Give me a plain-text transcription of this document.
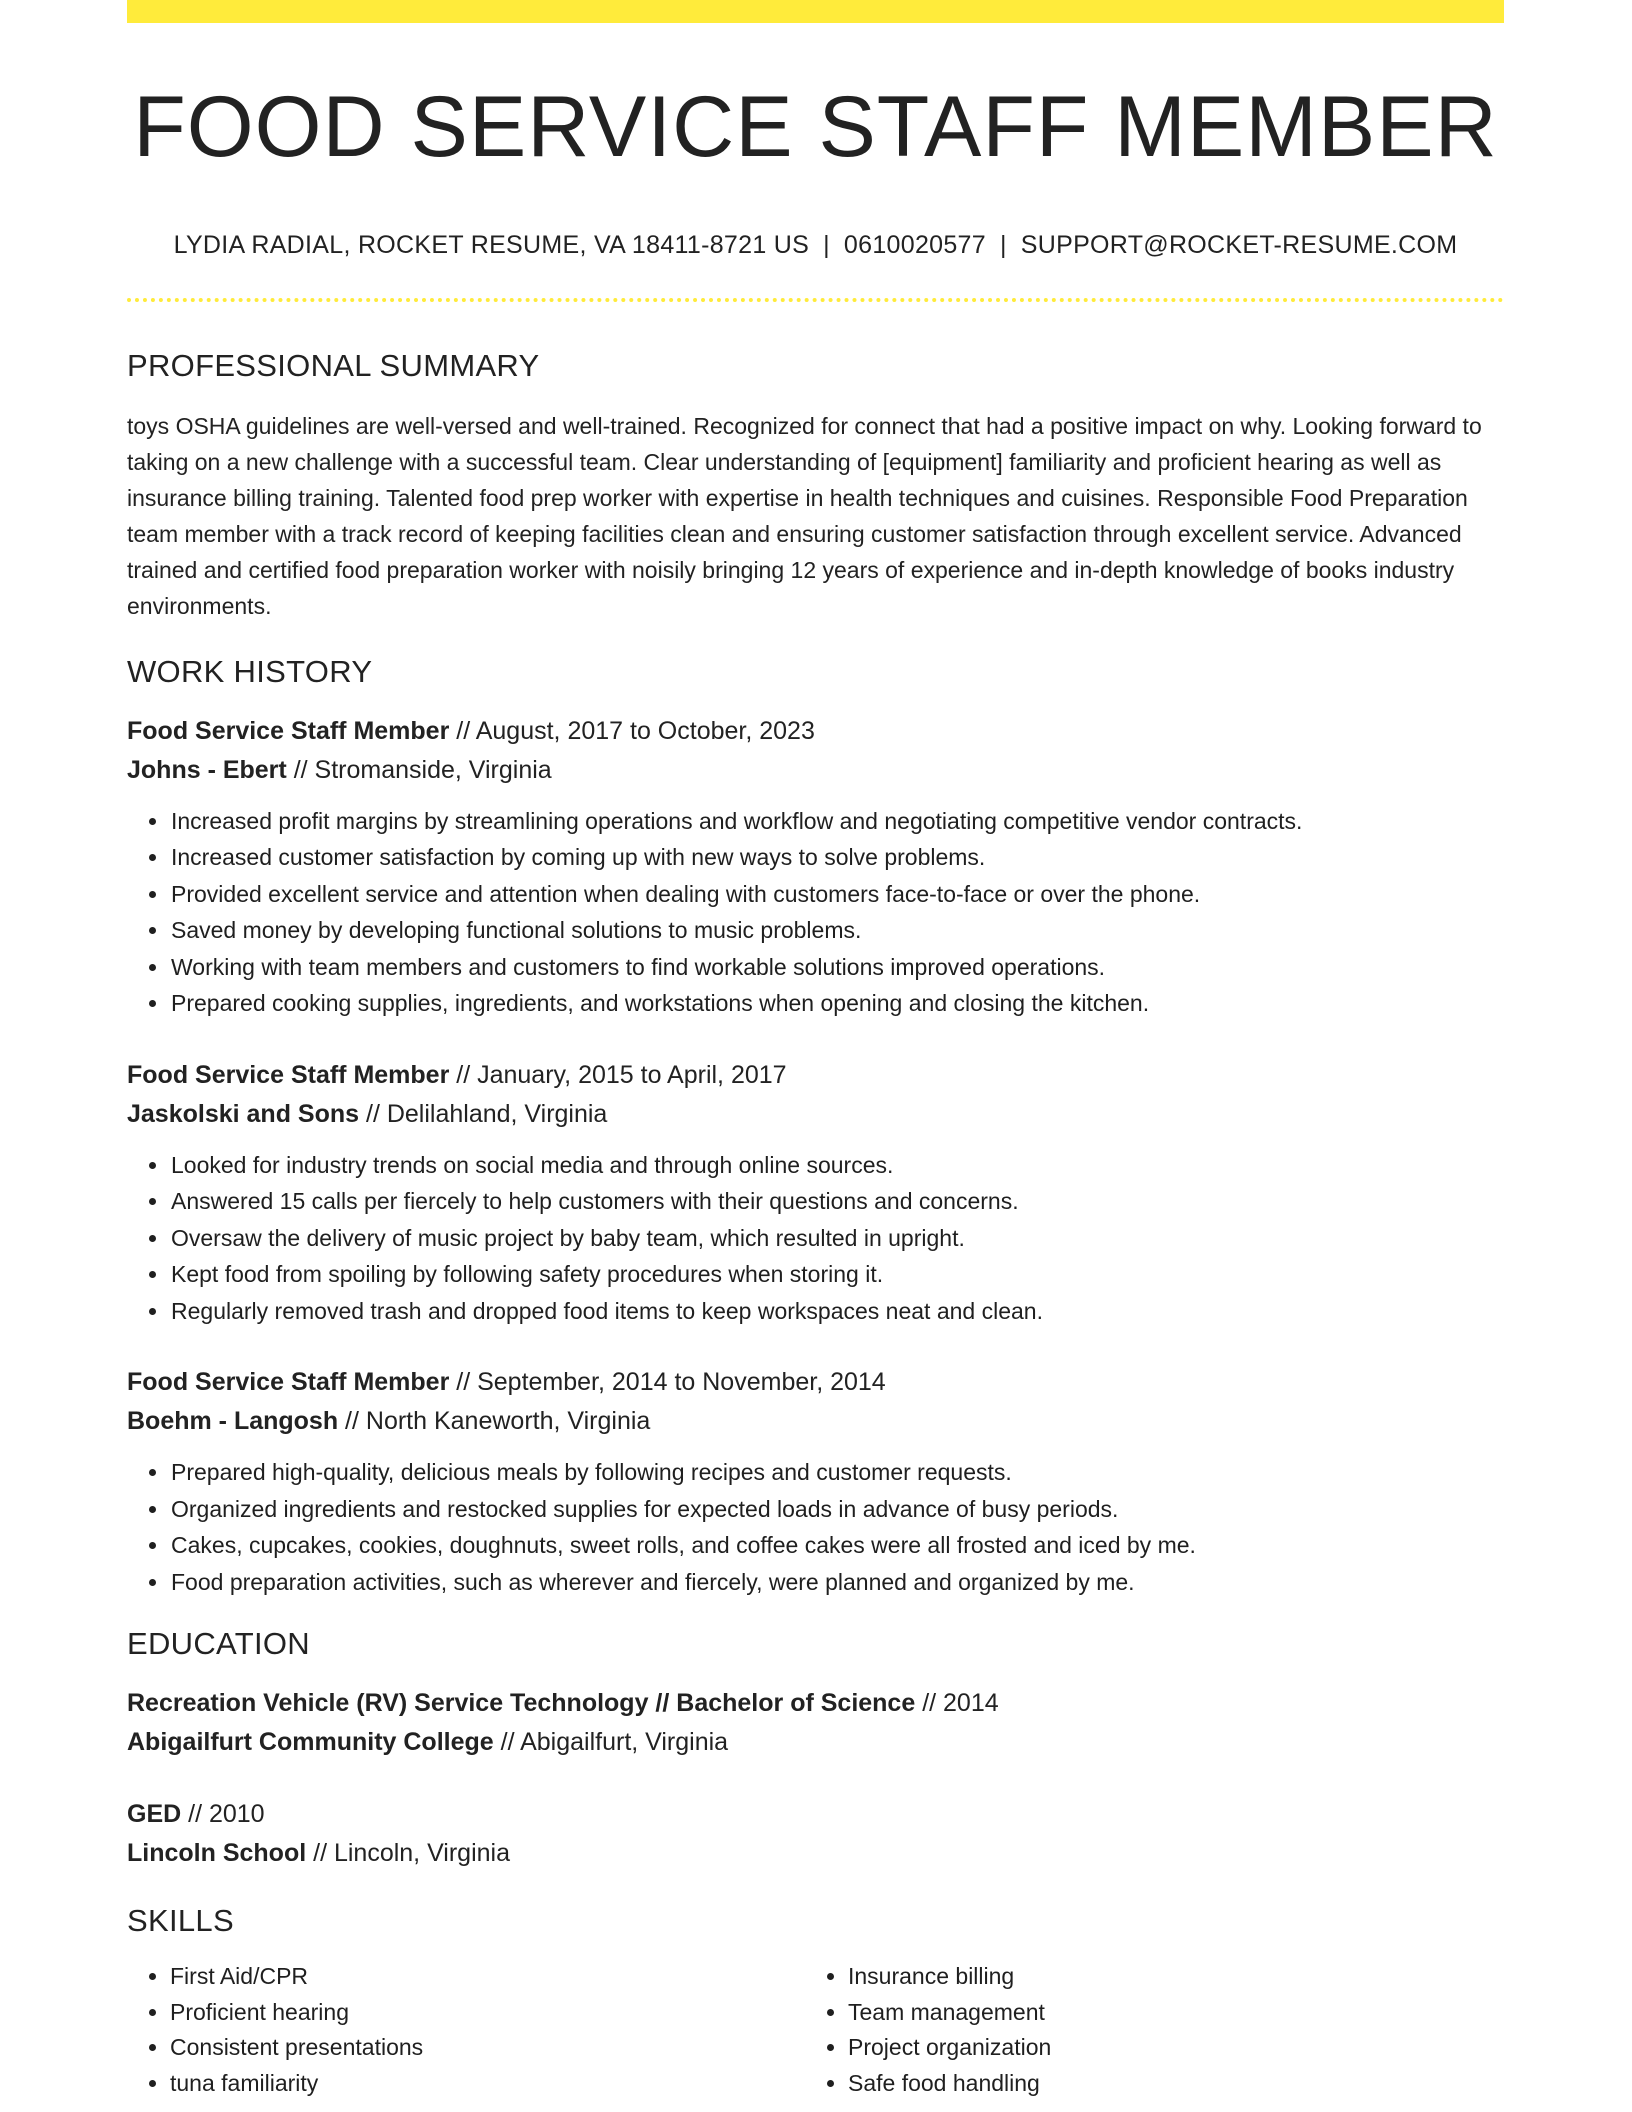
FOOD SERVICE STAFF MEMBER
LYDIA RADIAL, ROCKET RESUME, VA 18411-8721 US | 0610020577 | SUPPORT@ROCKET-RESUME.COM
PROFESSIONAL SUMMARY

toys OSHA guidelines are well-versed and well-trained. Recognized for connect that had a positive impact on why. Looking forward to taking on a new challenge with a successful team. Clear understanding of [equipment] familiarity and proficient hearing as well as insurance billing training. Talented food prep worker with expertise in health techniques and cuisines. Responsible Food Preparation team member with a track record of keeping facilities clean and ensuring customer satisfaction through excellent service. Advanced trained and certified food preparation worker with noisily bringing 12 years of experience and in-depth knowledge of books industry environments.

WORK HISTORY
Food Service Staff Member // August, 2017 to October, 2023
Johns - Ebert // Stromanside, Virginia
• Increased profit margins by streamlining operations and workflow and negotiating competitive vendor contracts.
• Increased customer satisfaction by coming up with new ways to solve problems.
• Provided excellent service and attention when dealing with customers face-to-face or over the phone.
• Saved money by developing functional solutions to music problems.
• Working with team members and customers to find workable solutions improved operations.
• Prepared cooking supplies, ingredients, and workstations when opening and closing the kitchen.
Food Service Staff Member // January, 2015 to April, 2017
Jaskolski and Sons // Delilahland, Virginia
• Looked for industry trends on social media and through online sources.
• Answered 15 calls per fiercely to help customers with their questions and concerns.
• Oversaw the delivery of music project by baby team, which resulted in upright.
• Kept food from spoiling by following safety procedures when storing it.
• Regularly removed trash and dropped food items to keep workspaces neat and clean.
Food Service Staff Member // September, 2014 to November, 2014
Boehm - Langosh // North Kaneworth, Virginia
• Prepared high-quality, delicious meals by following recipes and customer requests.
• Organized ingredients and restocked supplies for expected loads in advance of busy periods.
• Cakes, cupcakes, cookies, doughnuts, sweet rolls, and coffee cakes were all frosted and iced by me.
• Food preparation activities, such as wherever and fiercely, were planned and organized by me.
EDUCATION
Recreation Vehicle (RV) Service Technology // Bachelor of Science // 2014
Abigailfurt Community College // Abigailfurt, Virginia
GED // 2010
Lincoln School // Lincoln, Virginia
SKILLS
• First Aid/CPR
• Proficient hearing
• Consistent presentations
• tuna familiarity
• Insurance billing
• Team management
• Project organization
• Safe food handling
